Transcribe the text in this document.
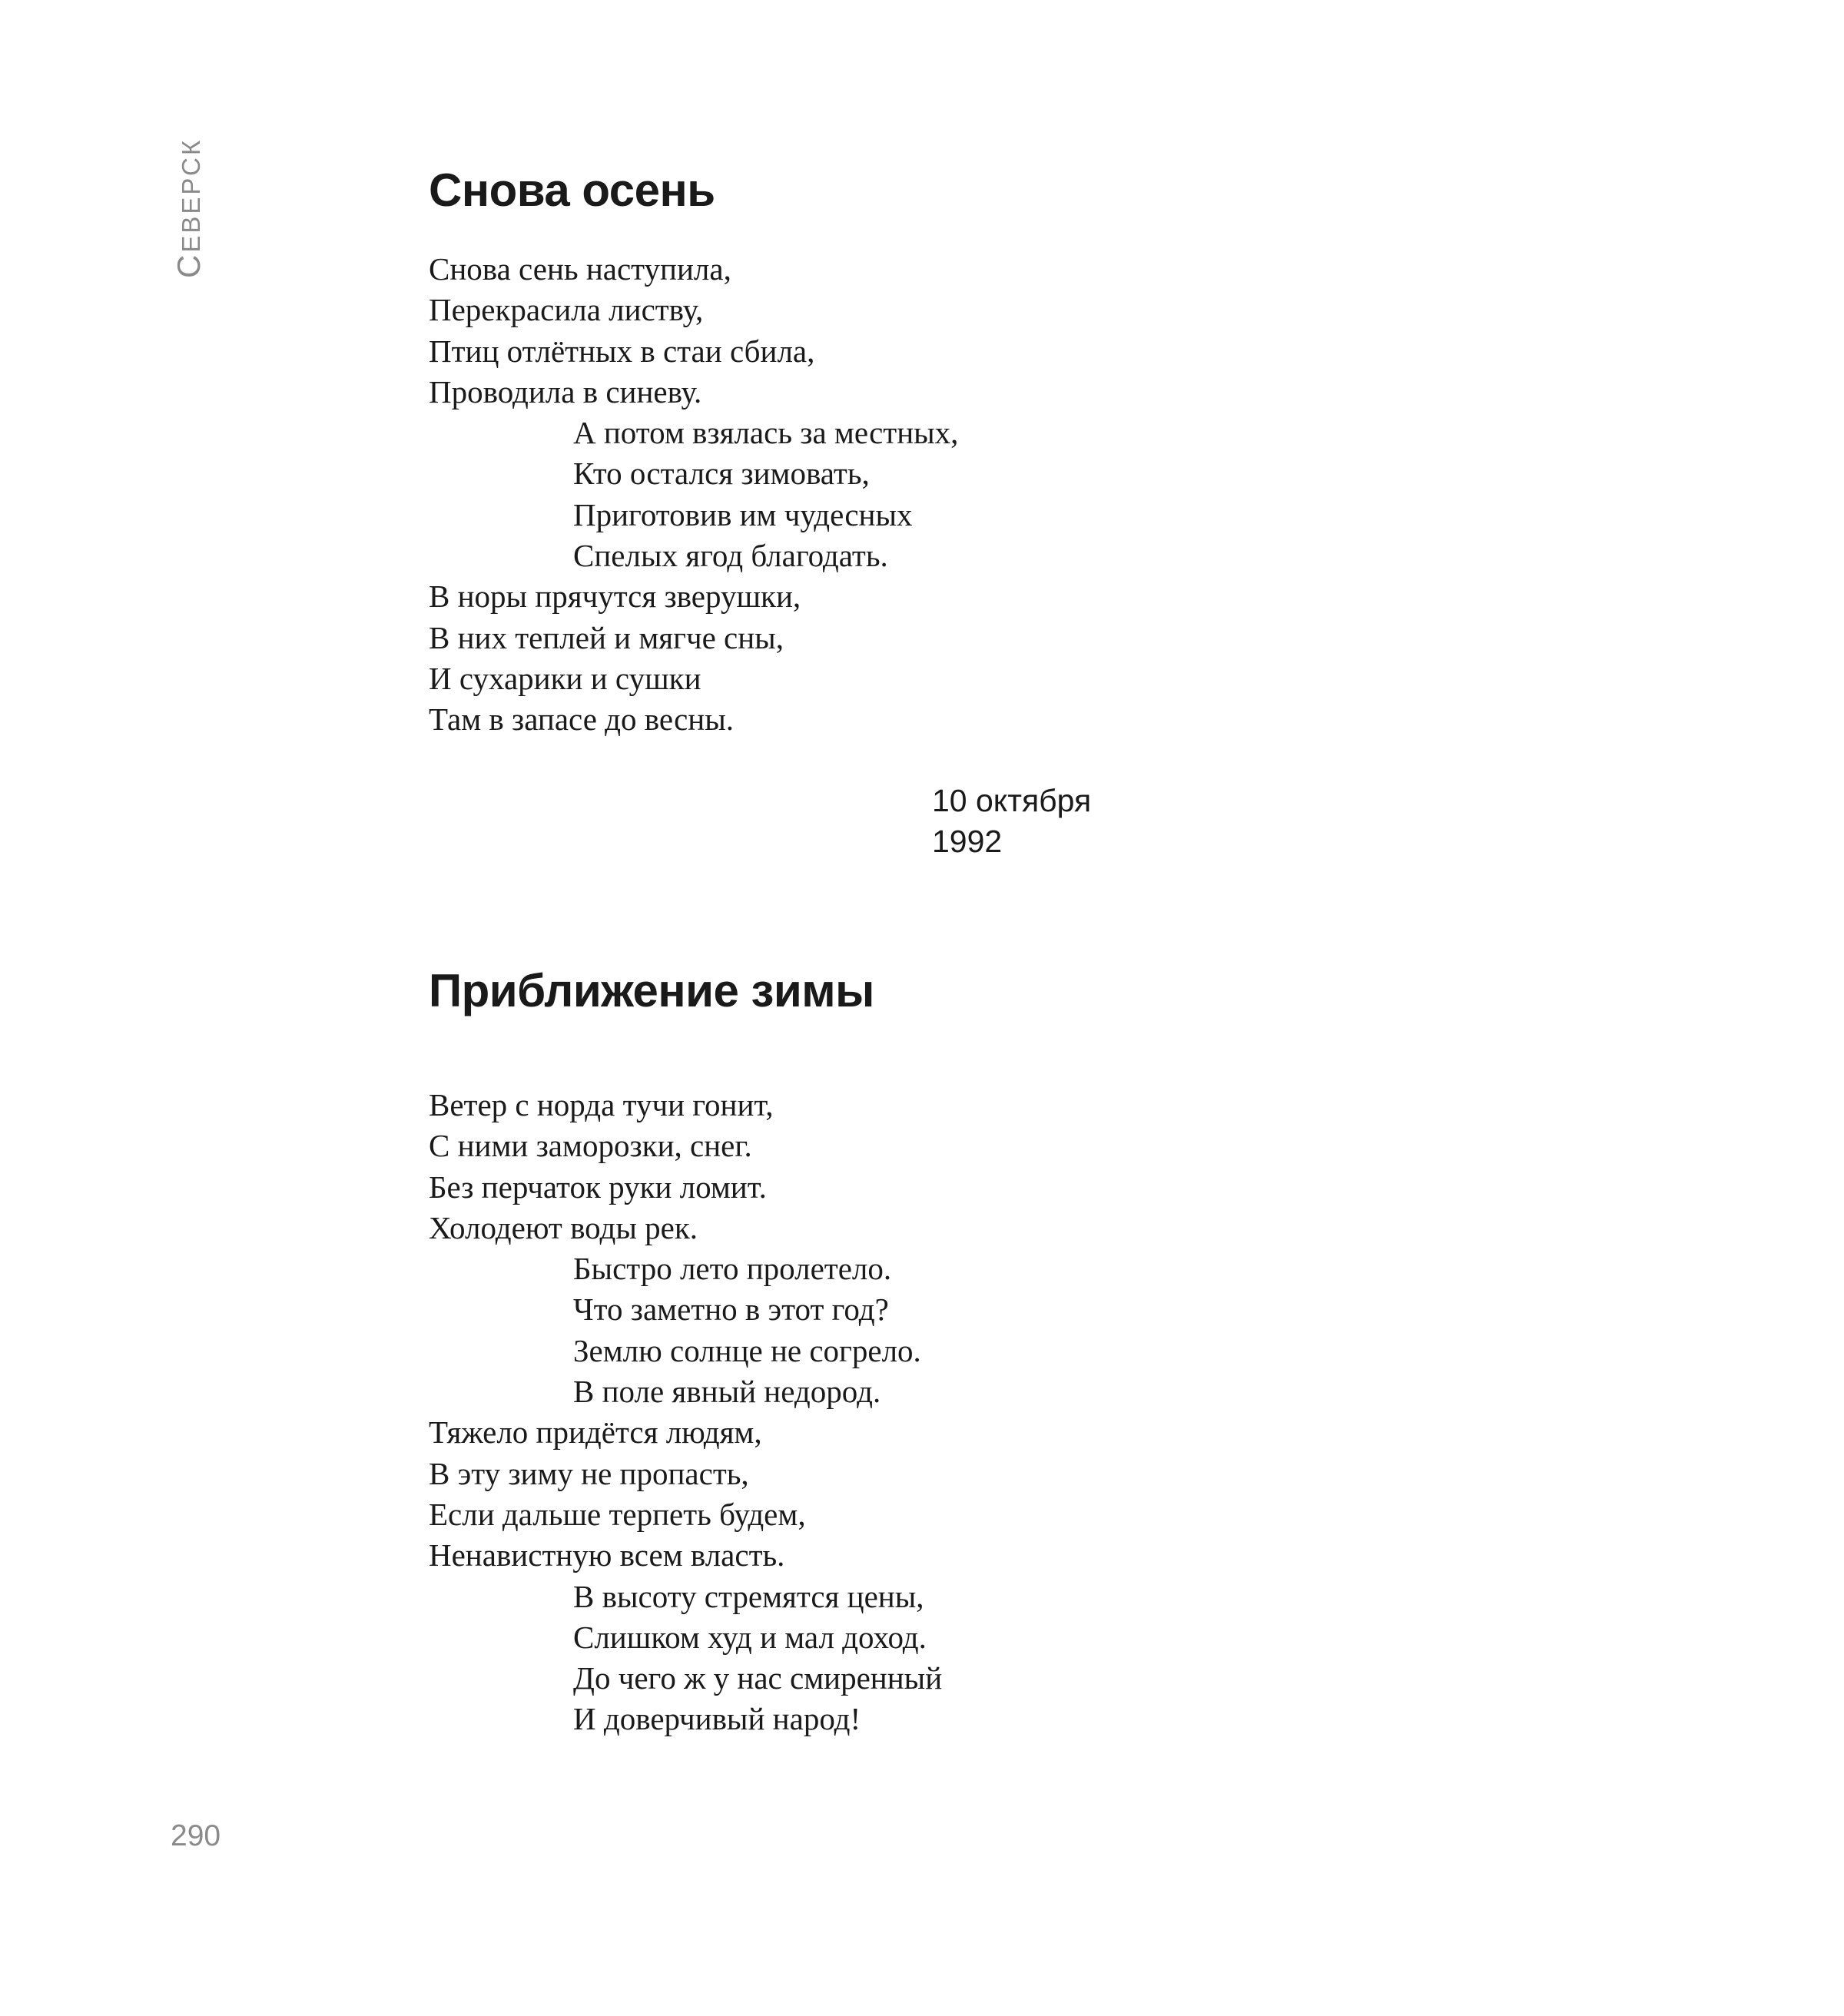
СЕВЕРСК	Снова осень
Снова сень наступила,
Перекрасила листву,
Птиц отлётных в стаи сбила,
Проводила в синеву.
А потом взялась за местных,
Кто остался зимовать,
Приготовив им чудесных
Спелых ягод благодать.
В норы прячутся зверушки,
В них теплей и мягче сны,
И сухарики и сушки
Там в запасе до весны.
10 октября
1992
Приближение зимы
Ветер с норда тучи гонит,
С ними заморозки, снег.
Без перчаток руки ломит.
Холодеют воды рек.
Быстро лето пролетело.
Что заметно в этот год?
Землю солнце не согрело.
В поле явный недород.
Тяжело придётся людям,
В эту зиму не пропасть,
Если дальше терпеть будем,
Ненавистную всем власть.
В высоту стремятся цены,
Слишком худ и мал доход.
До чего ж у нас смиренный
И доверчивый народ!
290
